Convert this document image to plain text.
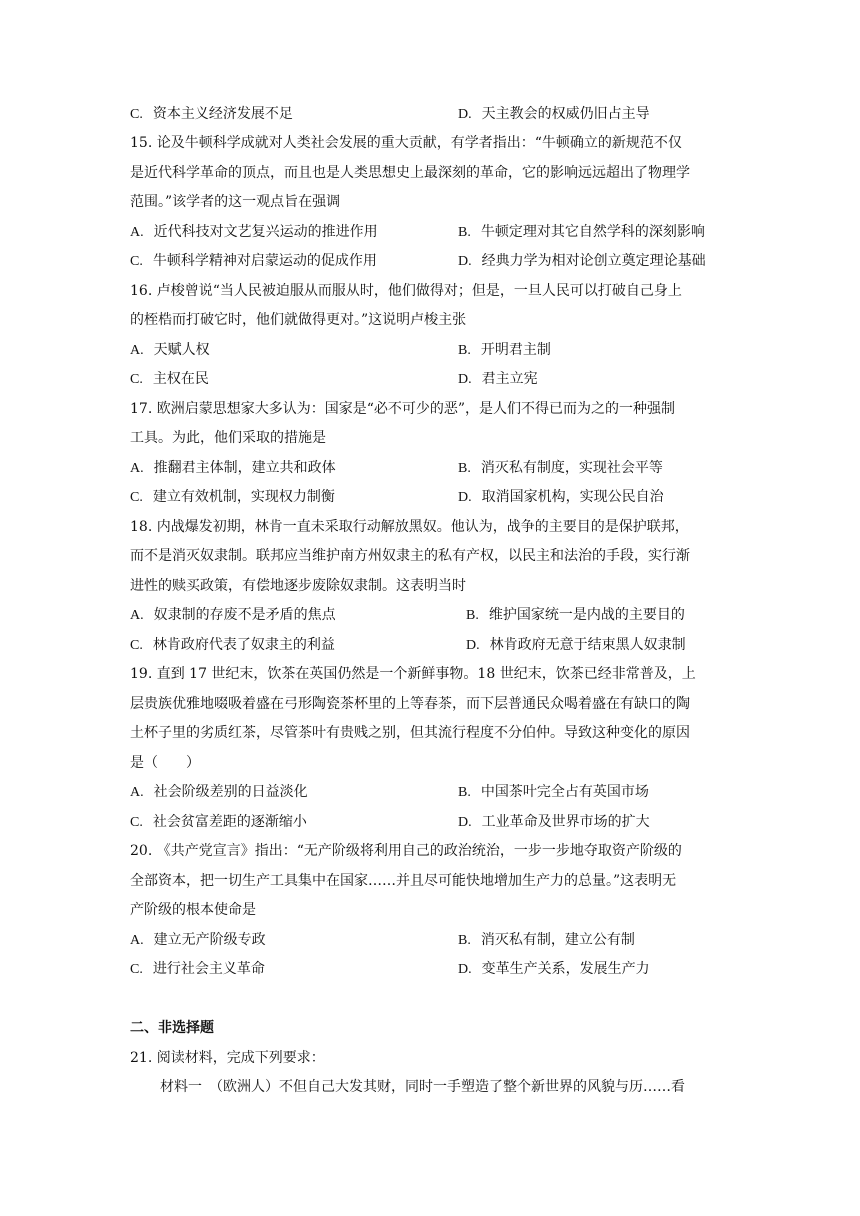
C. 资本主义经济发展不足	D. 天主教会的权威仍旧占主导
15. 论及牛顿科学成就对人类社会发展的重大贡献，有学者指出：“牛顿确立的新规范不仅
是近代科学革命的顶点，而且也是人类思想史上最深刻的革命，它的影响远远超出了物理学
范围。”该学者的这一观点旨在强调
A. 近代科技对文艺复兴运动的推进作用	B. 牛顿定理对其它自然学科的深刻影响
C. 牛顿科学精神对启蒙运动的促成作用	D. 经典力学为相对论创立奠定理论基础
16. 卢梭曾说“当人民被迫服从而服从时，他们做得对；但是，一旦人民可以打破自己身上
的桎梏而打破它时，他们就做得更对。”这说明卢梭主张
A. 天赋人权	B. 开明君主制
C. 主权在民	D. 君主立宪
17. 欧洲启蒙思想家大多认为：国家是“必不可少的恶”，是人们不得已而为之的一种强制
工具。为此，他们采取的措施是
A. 推翻君主体制，建立共和政体	B. 消灭私有制度，实现社会平等
C. 建立有效机制，实现权力制衡	D. 取消国家机构，实现公民自治
18. 内战爆发初期，林肯一直未采取行动解放黑奴。他认为，战争的主要目的是保护联邦，
而不是消灭奴隶制。联邦应当维护南方州奴隶主的私有产权，以民主和法治的手段，实行渐
进性的赎买政策，有偿地逐步废除奴隶制。这表明当时
A. 奴隶制的存废不是矛盾的焦点	B. 维护国家统一是内战的主要目的
C. 林肯政府代表了奴隶主的利益	D. 林肯政府无意于结束黑人奴隶制
19. 直到 17 世纪末，饮茶在英国仍然是一个新鲜事物。18 世纪末，饮茶已经非常普及，上
层贵族优雅地啜吸着盛在弓形陶瓷茶杯里的上等春茶，而下层普通民众喝着盛在有缺口的陶
土杯子里的劣质红茶，尽管茶叶有贵贱之别，但其流行程度不分伯仲。导致这种变化的原因
是（　　）
A. 社会阶级差别的日益淡化	B. 中国茶叶完全占有英国市场
C. 社会贫富差距的逐渐缩小	D. 工业革命及世界市场的扩大
20. 《共产党宣言》指出：“无产阶级将利用自己的政治统治，一步一步地夺取资产阶级的
全部资本，把一切生产工具集中在国家……并且尽可能快地增加生产力的总量。”这表明无
产阶级的根本使命是
A. 建立无产阶级专政	B. 消灭私有制，建立公有制
C. 进行社会主义革命	D. 变革生产关系，发展生产力
二、非选择题
21. 阅读材料，完成下列要求：
材料一　（欧洲人）不但自己大发其财，同时一手塑造了整个新世界的风貌与历……看
